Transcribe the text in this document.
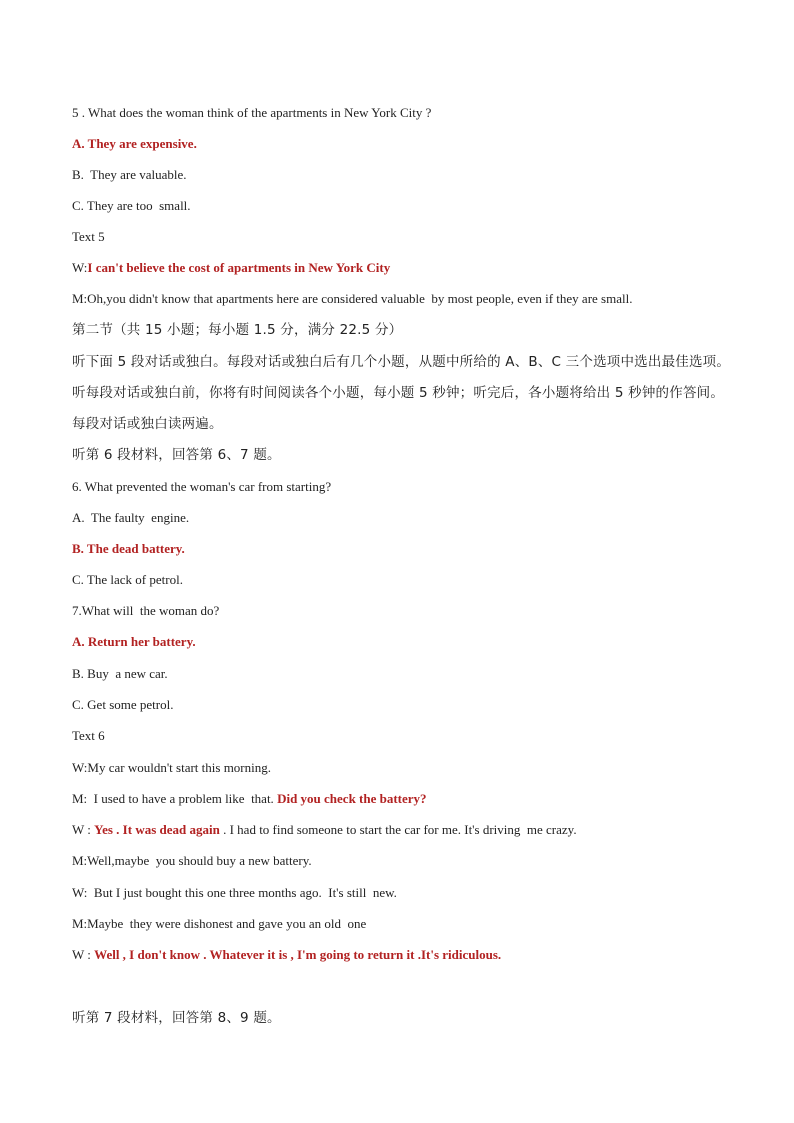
5 . What does the woman think of the apartments in New York City ?
A. They are expensive.
B.  They are valuable.
C. They are too  small.
Text 5
W:I can't believe the cost of apartments in New York City
M:Oh,you didn't know that apartments here are considered valuable  by most people, even if they are small.
第二节（共 15 小题；每小题 1.5 分，满分 22.5 分）
听下面 5 段对话或独白。每段对话或独白后有几个小题，从题中所给的 A、B、C 三个选项中选出最佳选项。
听每段对话或独白前，你将有时间阅读各个小题，每小题 5 秒钟；听完后，各小题将给出 5 秒钟的作答间。
每段对话或独白读两遍。
听第 6 段材料，回答第 6、7 题。
6. What prevented the woman's car from starting?
A.  The faulty  engine.
B. The dead battery.
C. The lack of petrol.
7.What will  the woman do?
A. Return her battery.
B. Buy  a new car.
C. Get some petrol.
Text 6
W:My car wouldn't start this morning.
M:  I used to have a problem like  that. Did you check the battery?
W : Yes . It was dead again . I had to find someone to start the car for me. It's driving  me crazy.
M:Well,maybe  you should buy a new battery.
W:  But I just bought this one three months ago.  It's still  new.
M:Maybe  they were dishonest and gave you an old  one
W : Well , I don't know . Whatever it is , I'm going to return it .It's ridiculous.
听第 7 段材料，回答第 8、9 题。
